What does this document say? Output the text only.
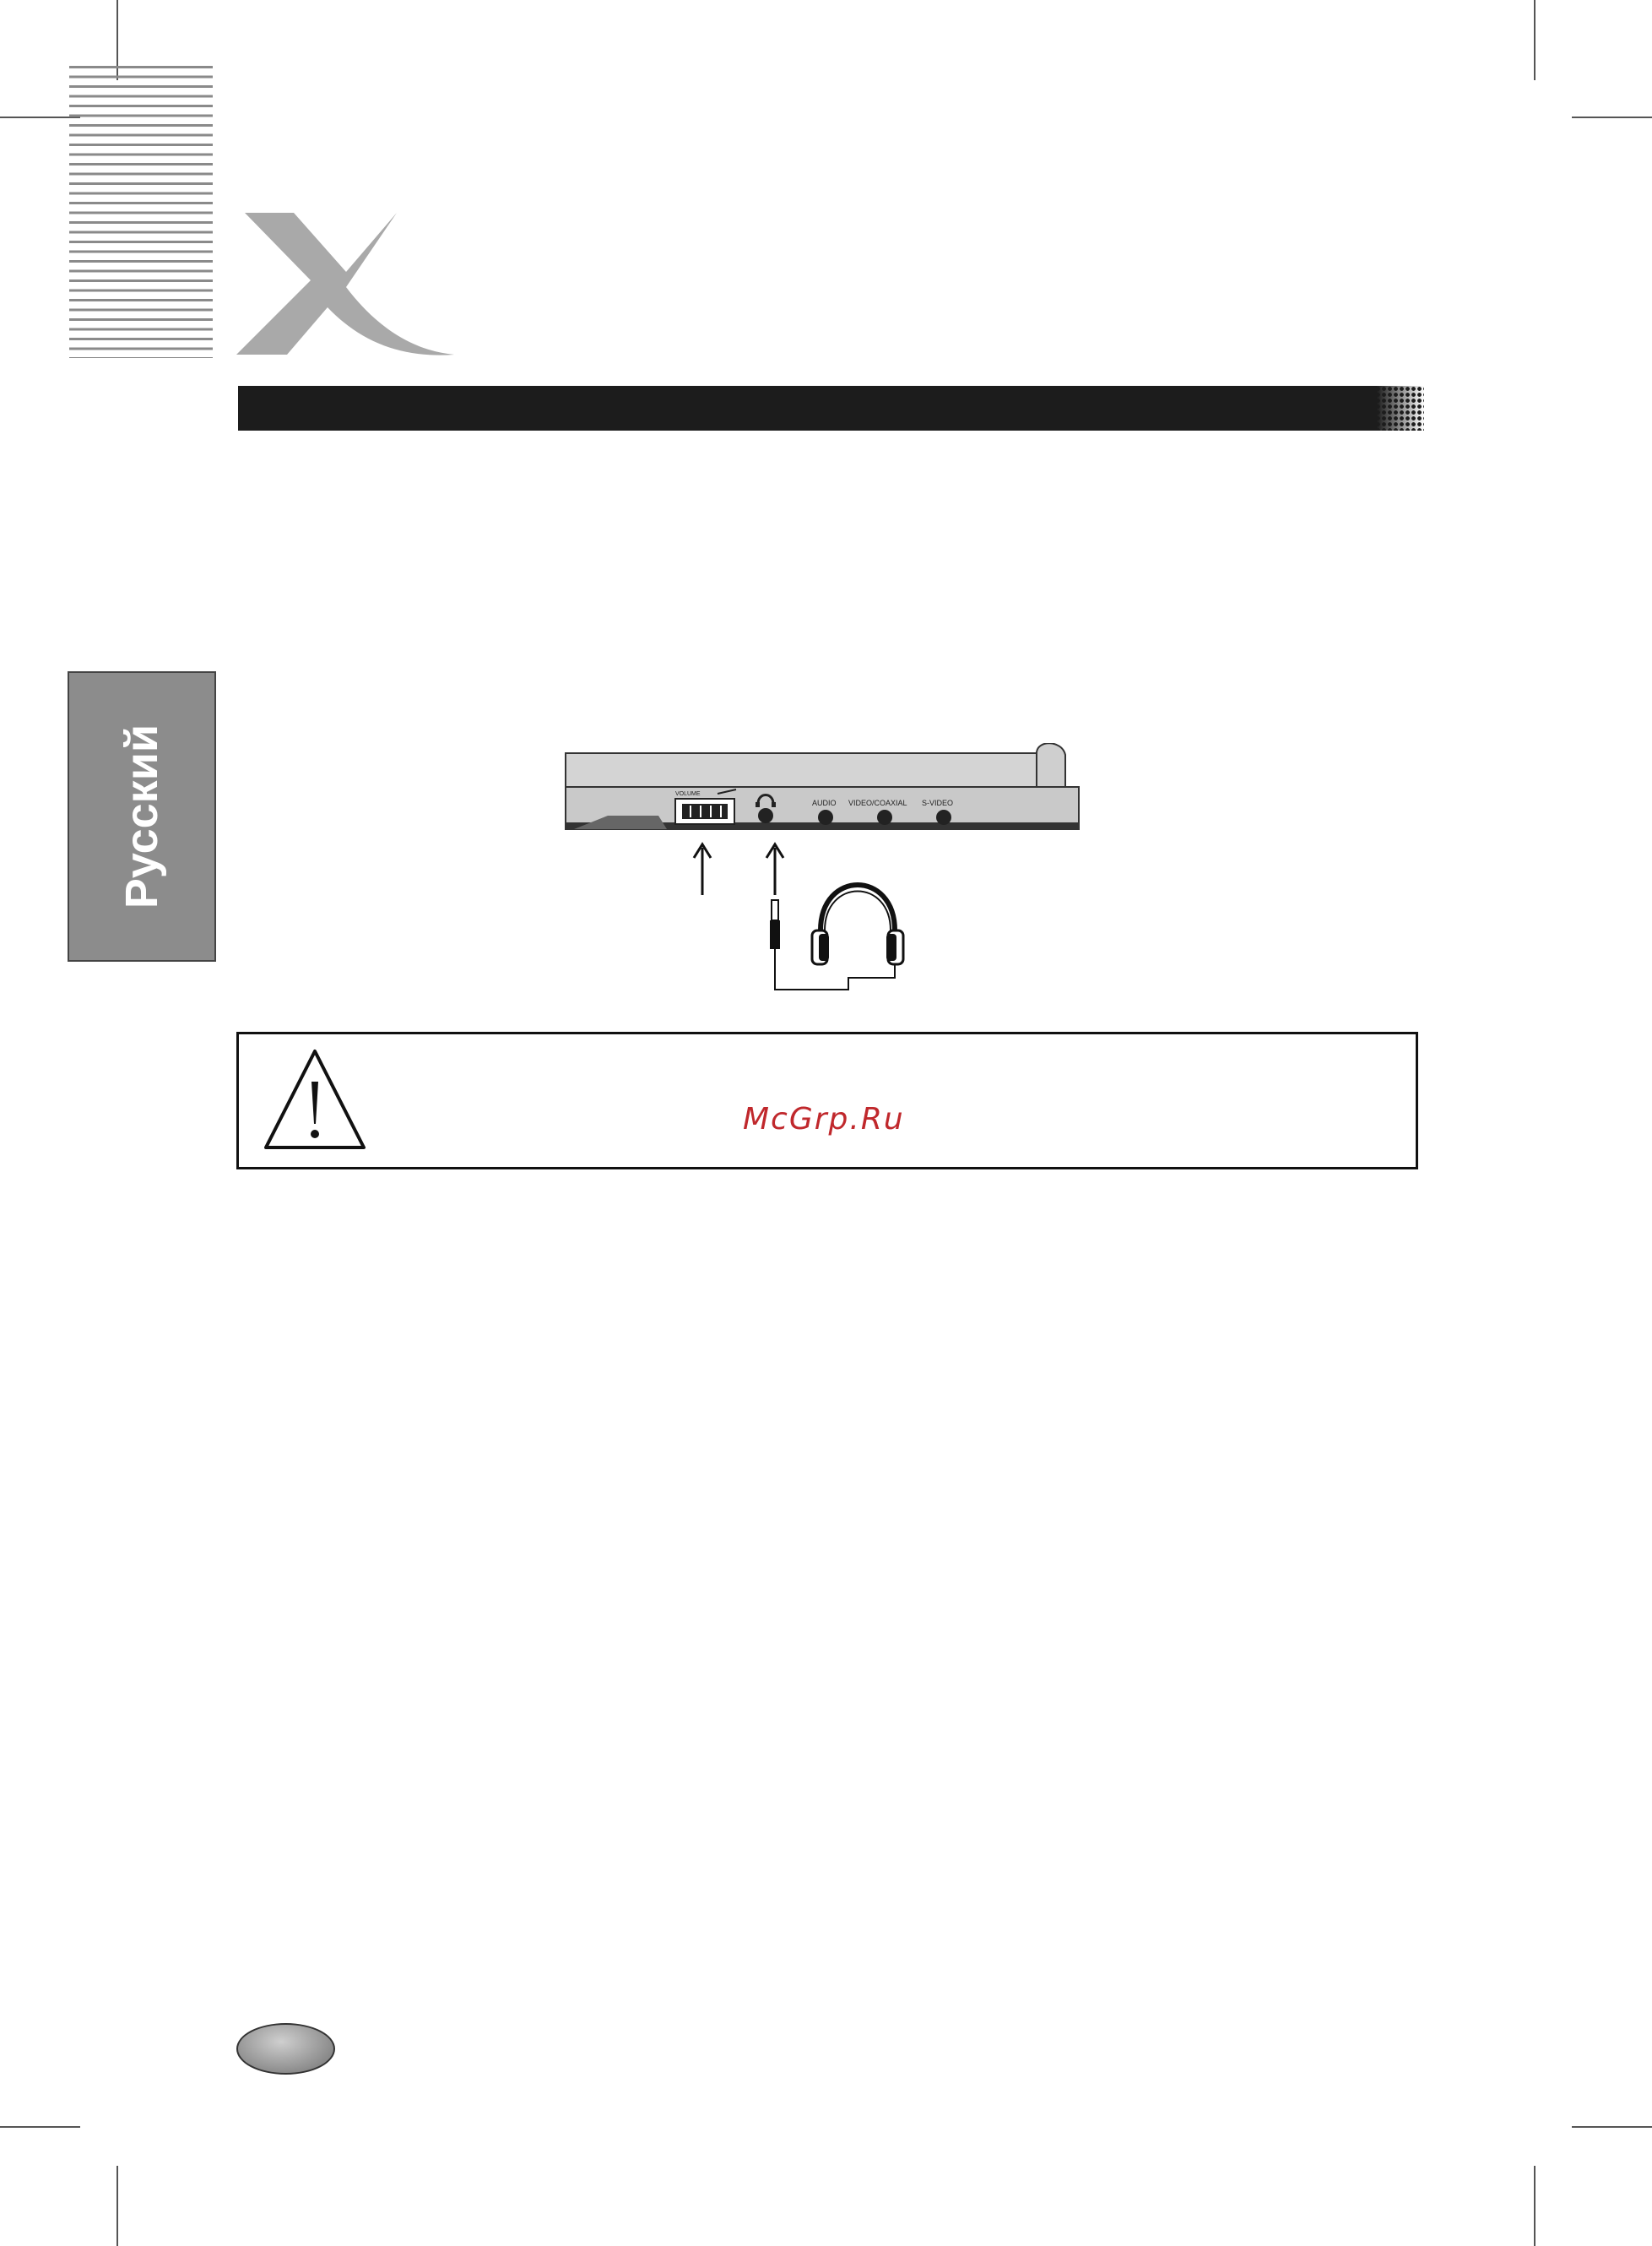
Русский	VOLUME
AUDIO VIDEO/COAXIAL S-VIDEO
McGrp.Ru
